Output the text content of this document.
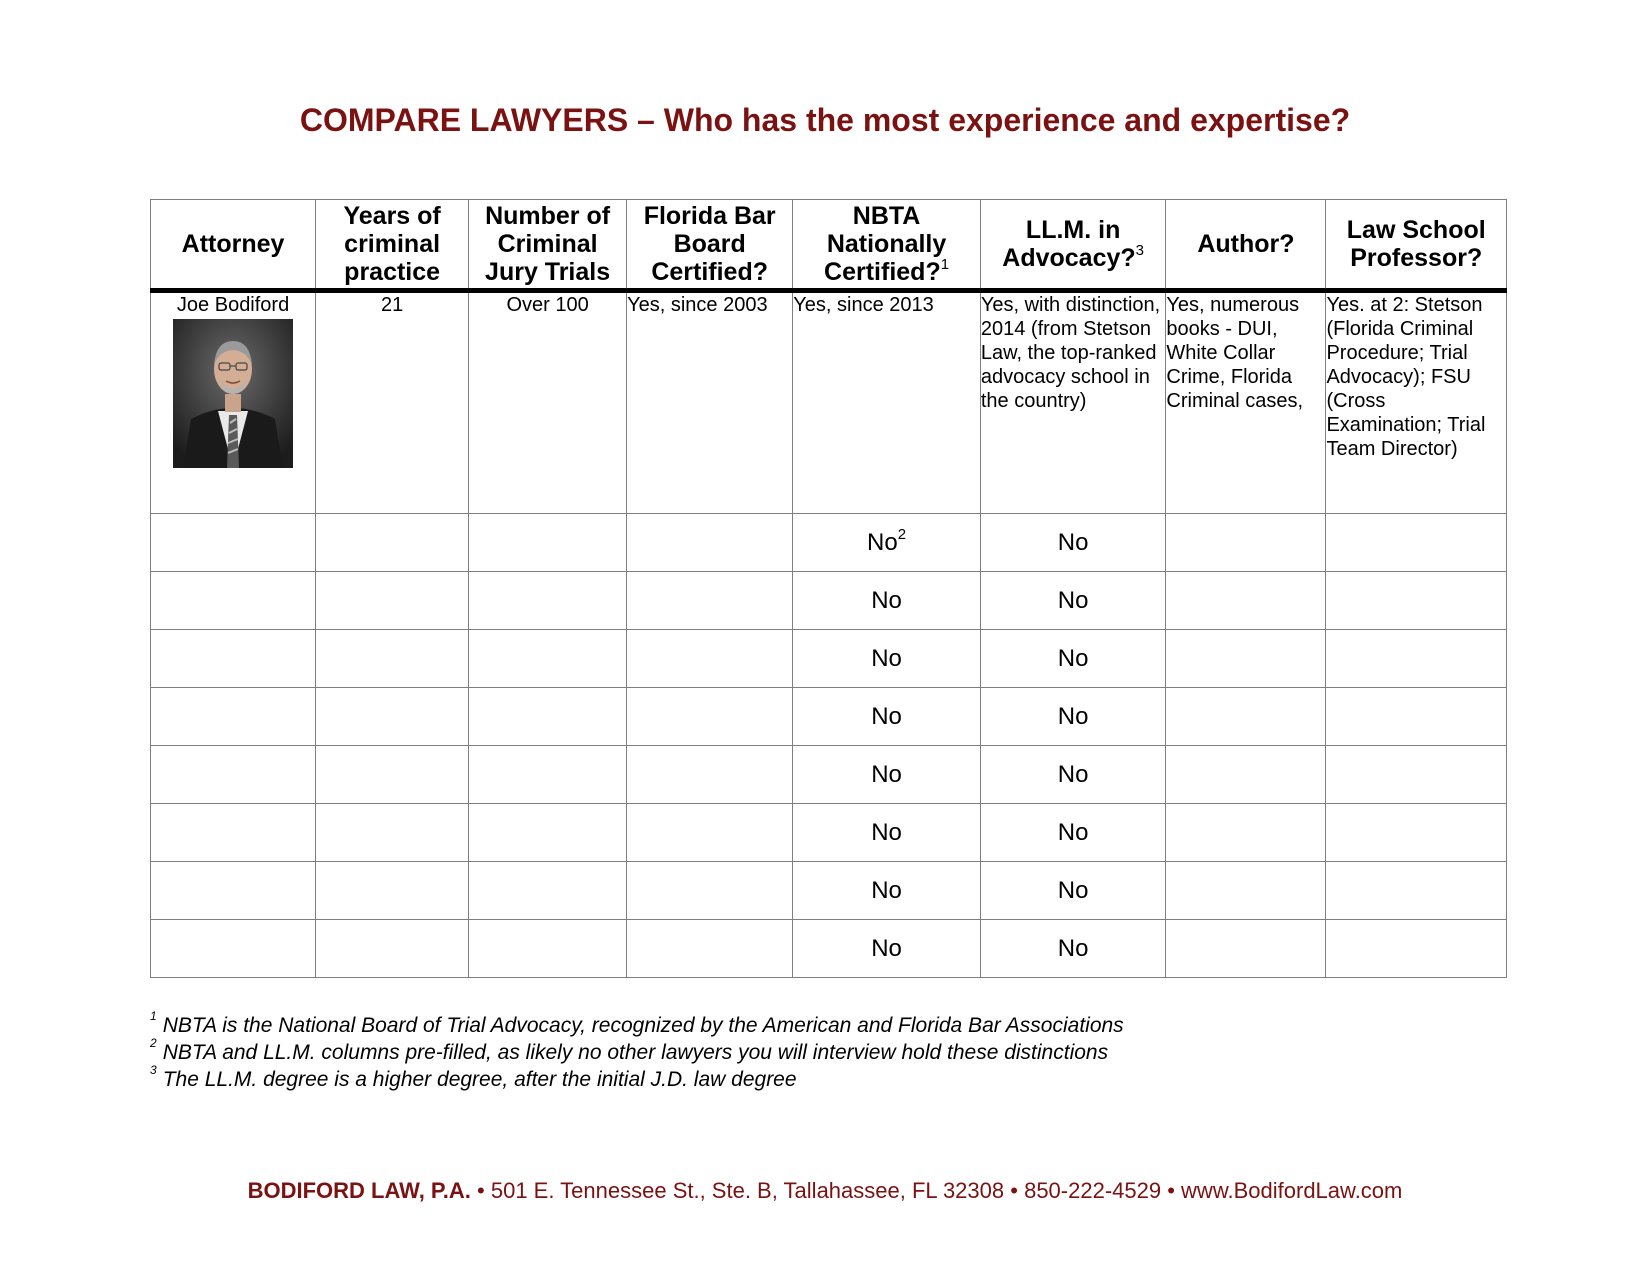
COMPARE LAWYERS – Who has the most experience and expertise?
Attorney	Years of criminal practice	Number of Criminal Jury Trials	Florida Bar Board Certified?	NBTA Nationally Certified?$^1$	LL.M. in Advocacy?$^3$	Author?	Law School Professor?

Joe Bodiford	21	Over 100	Yes, since 2003	Yes, since 2013	Yes, with distinction, 2014 (from Stetson Law, the top-ranked advocacy school in the country)	Yes, numerous books - DUI, White Collar Crime, Florida Criminal cases,	Yes. at 2: Stetson (Florida Criminal Procedure; Trial Advocacy); FSU (Cross Examination; Trial Team Director)
				No$^2$	No		
				No	No		
				No	No		
				No	No		
				No	No		
				No	No		
				No	No		
				No	No		
$^1$ NBTA is the National Board of Trial Advocacy, recognized by the American and Florida Bar Associations
$^2$ NBTA and LL.M. columns pre-filled, as likely no other lawyers you will interview hold these distinctions
$^3$ The LL.M. degree is a higher degree, after the initial J.D. law degree
BODIFORD LAW, P.A. • 501 E. Tennessee St., Ste. B, Tallahassee, FL 32308 • 850-222-4529 • www.BodifordLaw.com
